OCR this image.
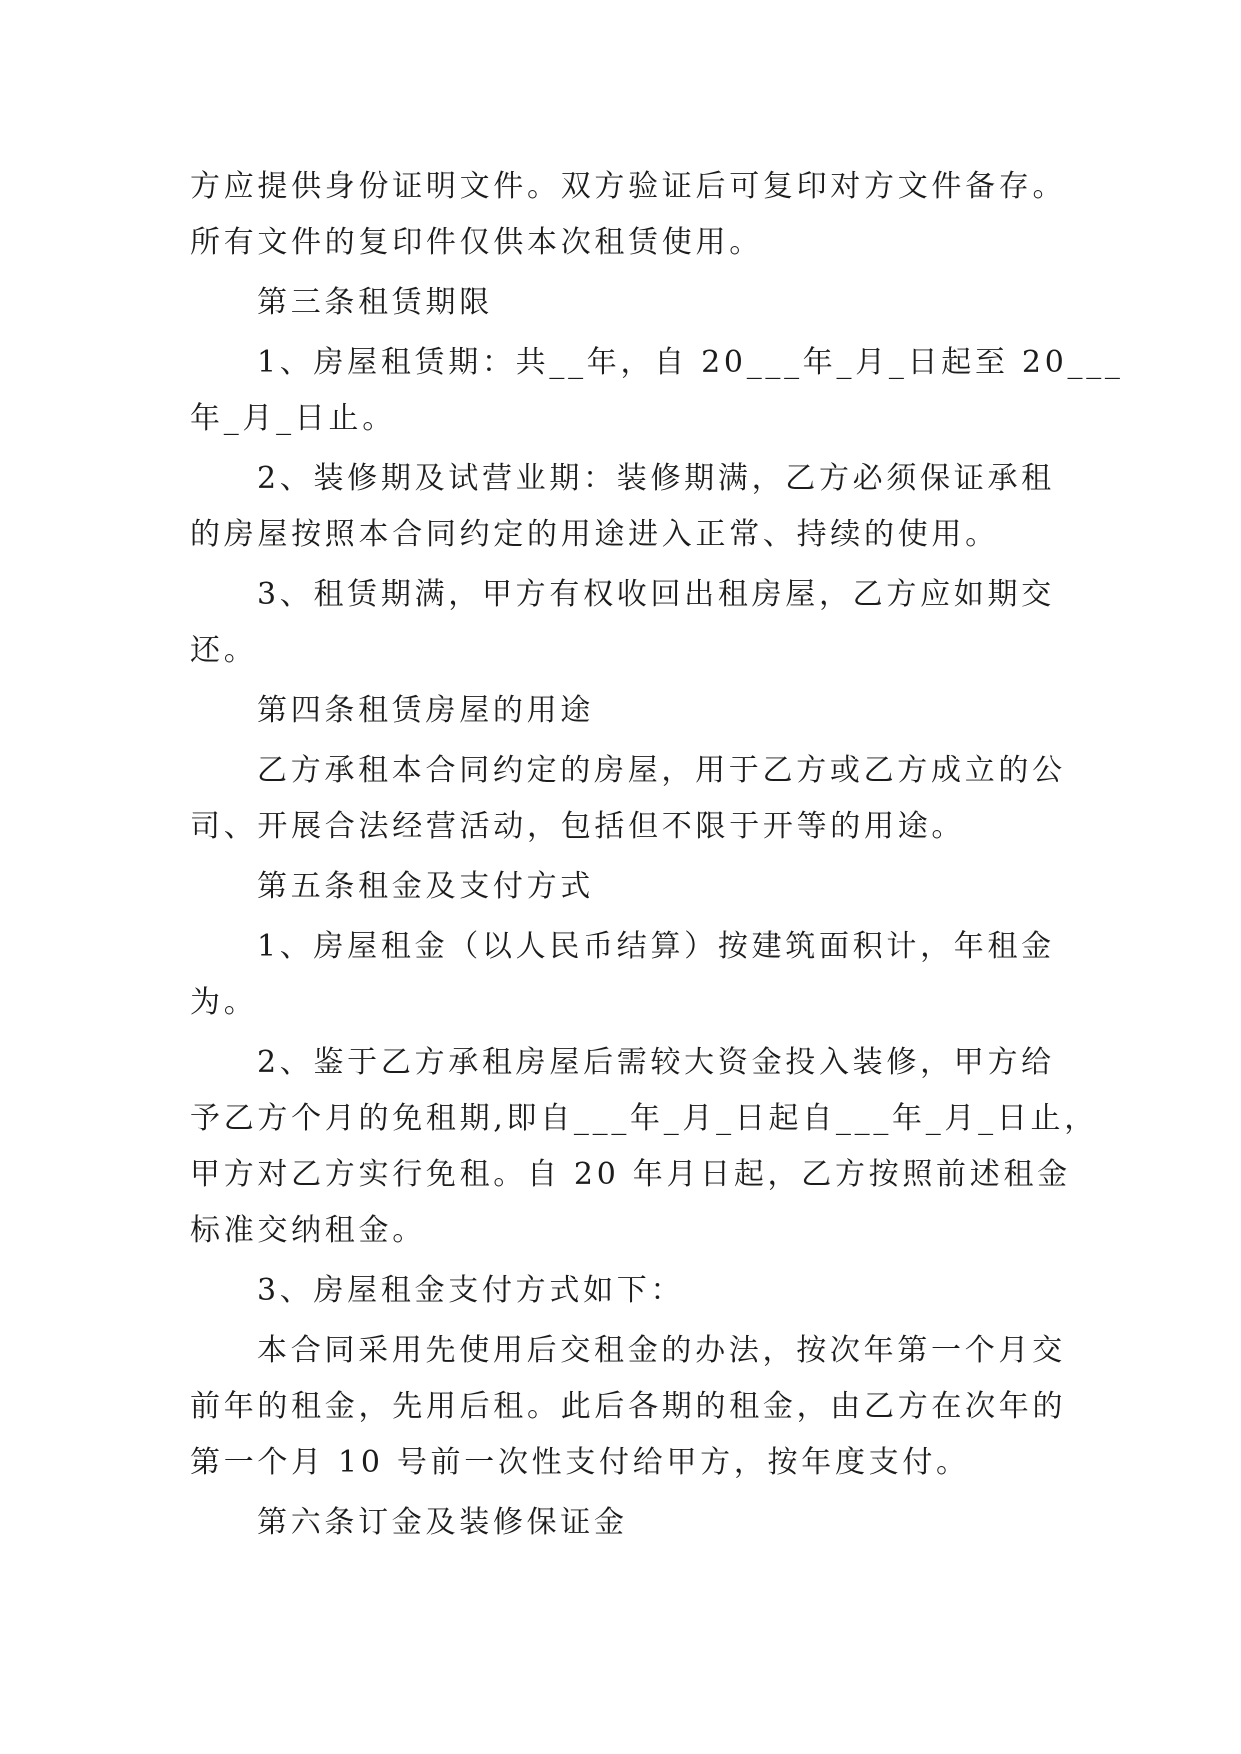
方应提供身份证明文件。双方验证后可复印对方文件备存。

所有文件的复印件仅供本次租赁使用。

第三条租赁期限

1、房屋租赁期：共__年，自 20___年_月_日起至 20___

年_月_日止。

2、装修期及试营业期：装修期满，乙方必须保证承租

的房屋按照本合同约定的用途进入正常、持续的使用。

3、租赁期满，甲方有权收回出租房屋，乙方应如期交

还。

第四条租赁房屋的用途

乙方承租本合同约定的房屋，用于乙方或乙方成立的公

司、开展合法经营活动，包括但不限于开等的用途。

第五条租金及支付方式

1、房屋租金（以人民币结算）按建筑面积计，年租金

为。

2、鉴于乙方承租房屋后需较大资金投入装修，甲方给

予乙方个月的免租期,即自___年_月_日起自___年_月_日止，

甲方对乙方实行免租。自 20 年月日起，乙方按照前述租金

标准交纳租金。

3、房屋租金支付方式如下：

本合同采用先使用后交租金的办法，按次年第一个月交

前年的租金，先用后租。此后各期的租金，由乙方在次年的

第一个月 10 号前一次性支付给甲方，按年度支付。

第六条订金及装修保证金
